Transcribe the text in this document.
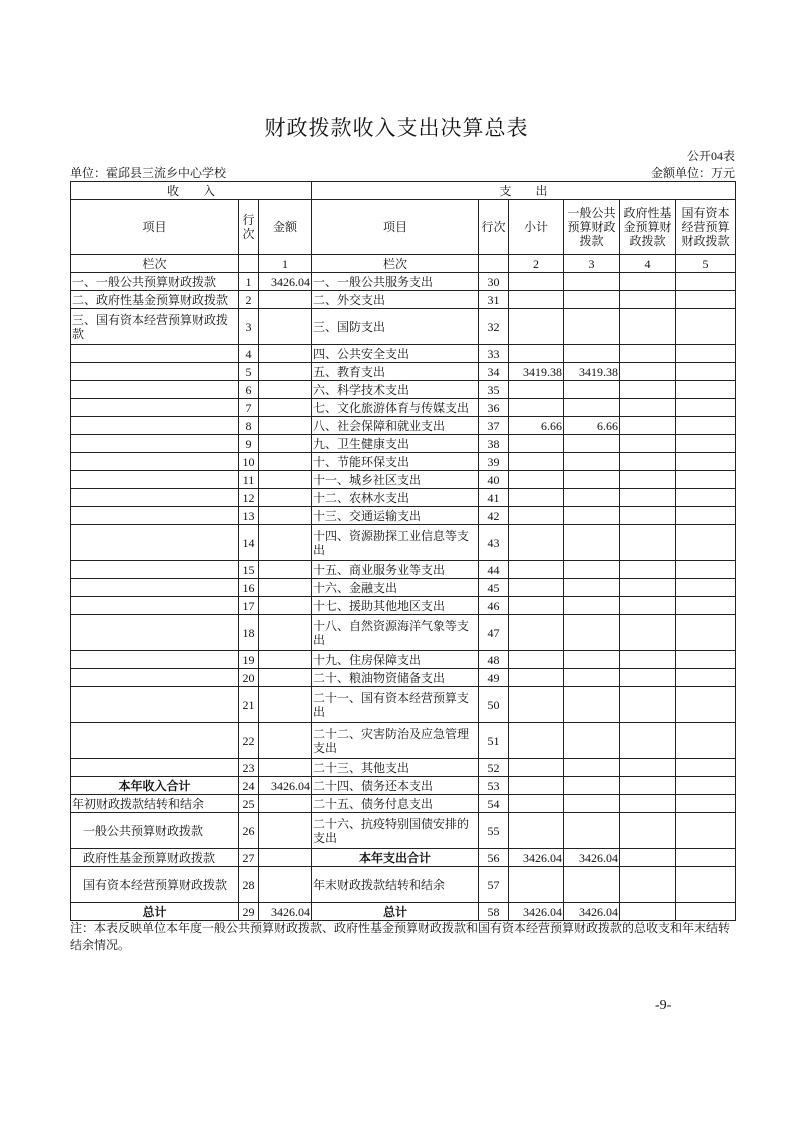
财政拨款收入支出决算总表
公开04表
单位：霍邱县三流乡中心学校	金额单位：万元
收　　入			支　　出					
项目	行次	金额	项目	行次	小计	一般公共预算财政拨款	政府性基金预算财政拨款	国有资本经营预算财政拨款
栏次		1	栏次		2	3	4	5
一、一般公共预算财政拨款	1	3426.04	一、一般公共服务支出	30				
二、政府性基金预算财政拨款	2		二、外交支出	31				
三、国有资本经营预算财政拨款	3		三、国防支出	32				
	4		四、公共安全支出	33				
	5		五、教育支出	34	3419.38	3419.38		
	6		六、科学技术支出	35				
	7		七、文化旅游体育与传媒支出	36				
	8		八、社会保障和就业支出	37	6.66	6.66		
	9		九、卫生健康支出	38				
	10		十、节能环保支出	39				
	11		十一、城乡社区支出	40				
	12		十二、农林水支出	41				
	13		十三、交通运输支出	42				
	14		十四、资源勘探工业信息等支出	43				
	15		十五、商业服务业等支出	44				
	16		十六、金融支出	45				
	17		十七、援助其他地区支出	46				
	18		十八、自然资源海洋气象等支出	47				
	19		十九、住房保障支出	48				
	20		二十、粮油物资储备支出	49				
	21		二十一、国有资本经营预算支出	50				
	22		二十二、灾害防治及应急管理支出	51				
	23		二十三、其他支出	52				
本年收入合计	24	3426.04	二十四、债务还本支出	53				
年初财政拨款结转和结余	25		二十五、债务付息支出	54				
一般公共预算财政拨款	26		二十六、抗疫特别国债安排的支出	55				
政府性基金预算财政拨款	27		本年支出合计	56	3426.04	3426.04		
国有资本经营预算财政拨款	28		年末财政拨款结转和结余	57				
总计	29	3426.04	总计	58	3426.04	3426.04		
注：本表反映单位本年度一般公共预算财政拨款、政府性基金预算财政拨款和国有资本经营预算财政拨款的总收支和年末结转结余情况。
-9-
